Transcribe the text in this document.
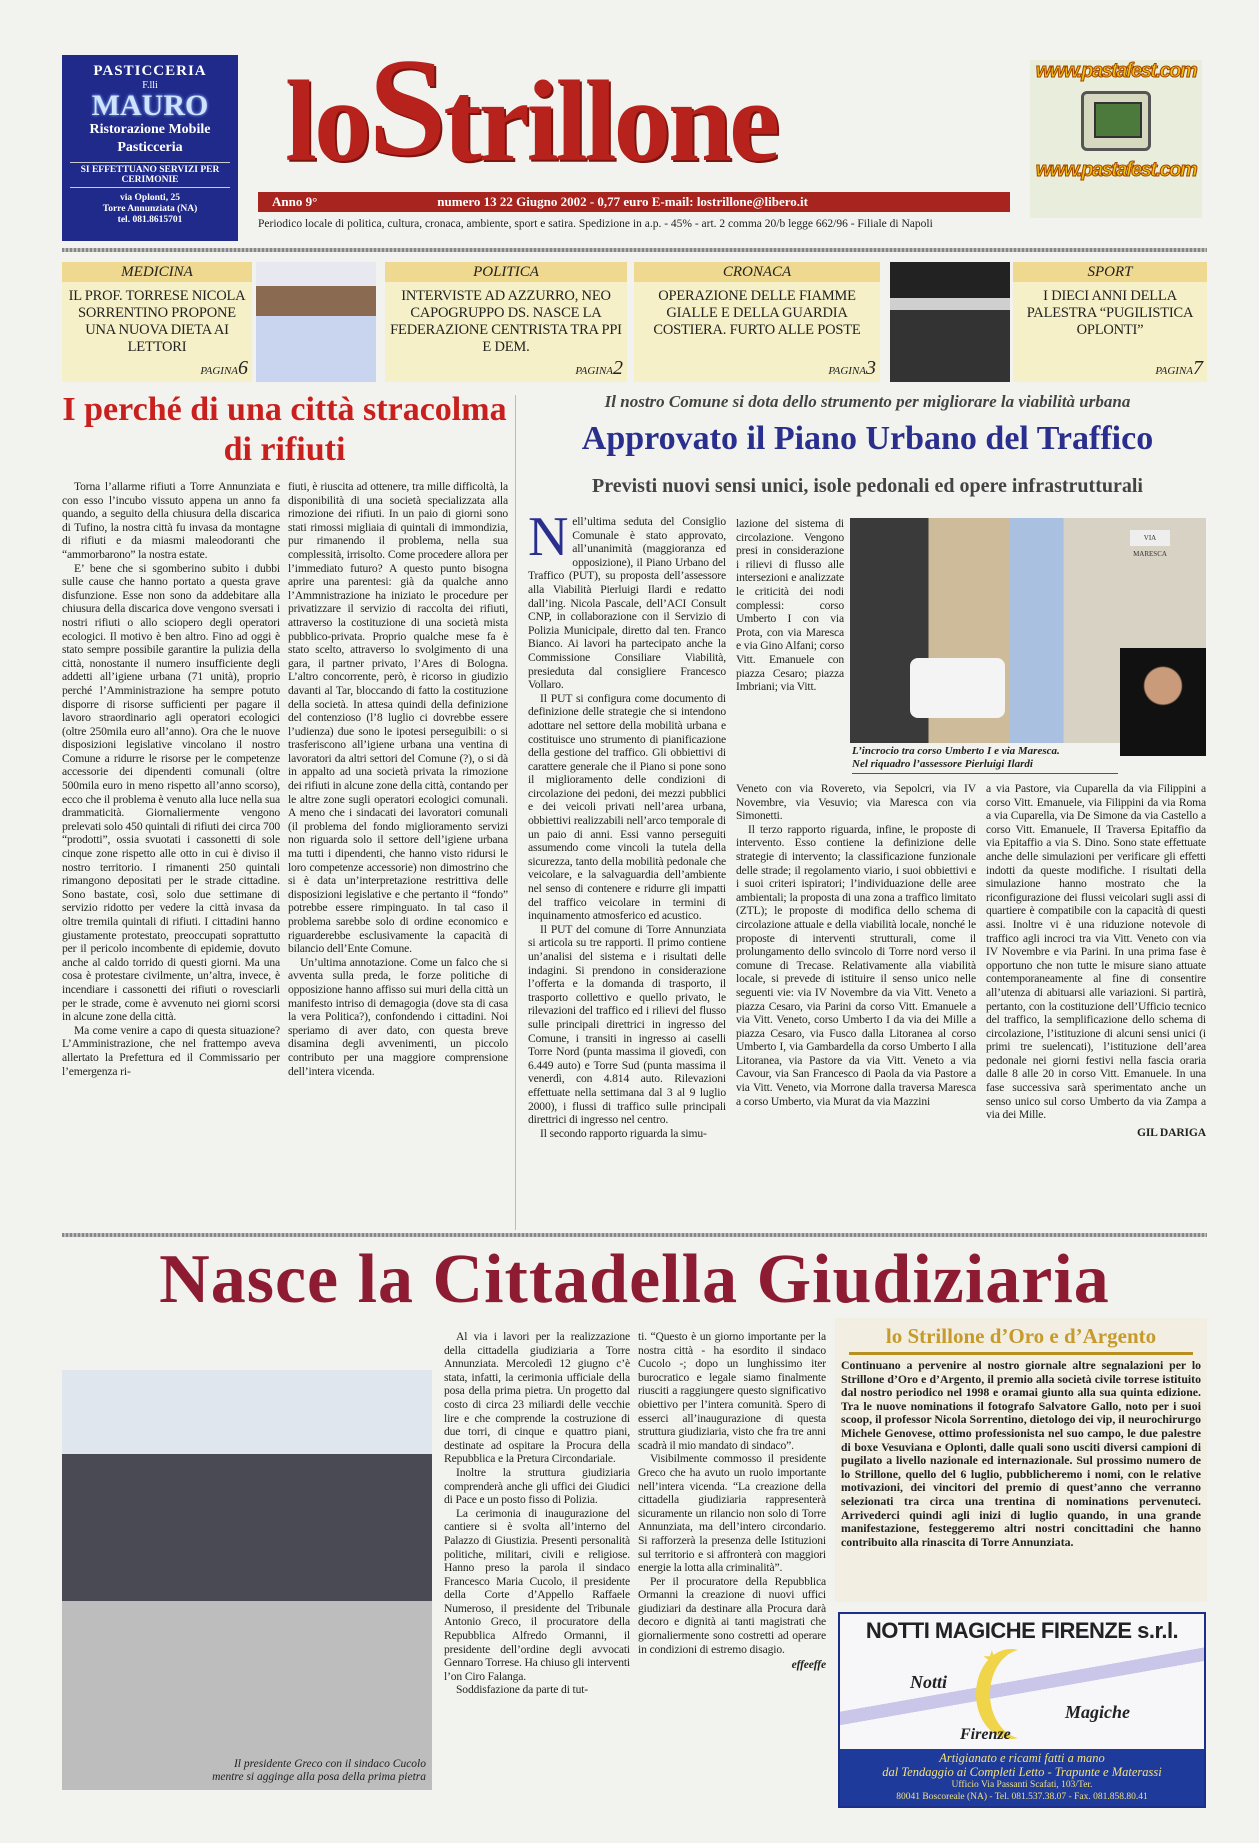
PASTICCERIA
F.lli
MAURO
Ristorazione Mobile
Pasticceria
SI EFFETTUANO SERVIZI PER CERIMONIE
via Oplonti, 25
Torre Annunziata (NA)
tel. 081.8615701
lo S trillone
Anno 9°	numero 13 22 Giugno 2002 - 0,77 euro E-mail: lostrillone@libero.it
Periodico locale di politica, cultura, cronaca, ambiente, sport e satira. Spedizione in a.p. - 45% - art. 2 comma 20/b legge 662/96 - Filiale di Napoli
www.pastafest.com
www.pastafest.com
MEDICINA
IL PROF. TORRESE NICOLA SORRENTINO PROPONE UNA NUOVA DIETA AI LETTORI
PAGINA6
POLITICA
INTERVISTE AD AZZURRO, NEO CAPOGRUPPO DS. NASCE LA FEDERAZIONE CENTRISTA TRA PPI E DEM.
PAGINA2
CRONACA
OPERAZIONE DELLE FIAMME GIALLE E DELLA GUARDIA COSTIERA. FURTO ALLE POSTE
PAGINA3
SPORT
I DIECI ANNI DELLA PALESTRA “PUGILISTICA OPLONTI”
PAGINA7
I perché di una città stracolma di rifiuti

Torna l’allarme rifiuti a Torre Annunziata e con esso l’incubo vissuto appena un anno fa quando, a seguito della chiusura della discarica di Tufino, la nostra città fu invasa da montagne di rifiuti e da miasmi maleodoranti che “ammorbarono” la nostra estate.

E’ bene che si sgomberino subito i dubbi sulle cause che hanno portato a questa grave disfunzione. Esse non sono da addebitare alla chiusura della discarica dove vengono sversati i nostri rifiuti o allo sciopero degli operatori ecologici. Il motivo è ben altro. Fino ad oggi è stato sempre possibile garantire la pulizia della città, nonostante il numero insufficiente degli addetti all’igiene urbana (71 unità), proprio perché l’Amministrazione ha sempre potuto disporre di risorse sufficienti per pagare il lavoro straordinario agli operatori ecologici (oltre 250mila euro all’anno). Ora che le nuove disposizioni legislative vincolano il nostro Comune a ridurre le risorse per le competenze accessorie dei dipendenti comunali (oltre 500mila euro in meno rispetto all’anno scorso), ecco che il problema è venuto alla luce nella sua drammaticità. Giornaliermente vengono prelevati solo 450 quintali di rifiuti dei circa 700 “prodotti”, ossia svuotati i cassonetti di sole cinque zone rispetto alle otto in cui è diviso il nostro territorio. I rimanenti 250 quintali rimangono depositati per le strade cittadine. Sono bastate, così, solo due settimane di servizio ridotto per vedere la città invasa da oltre tremila quintali di rifiuti. I cittadini hanno giustamente protestato, preoccupati soprattutto per il pericolo incombente di epidemie, dovuto anche al caldo torrido di questi giorni. Ma una cosa è protestare civilmente, un’altra, invece, è incendiare i cassonetti dei rifiuti o rovesciarli per le strade, come è avvenuto nei giorni scorsi in alcune zone della città.

Ma come venire a capo di questa situazione? L’Amministrazione, che nel frattempo aveva allertato la Prefettura ed il Commissario per l’emergenza ri-

fiuti, è riuscita ad ottenere, tra mille difficoltà, la disponibilità di una società specializzata alla rimozione dei rifiuti. In un paio di giorni sono stati rimossi migliaia di quintali di immondizia, pur rimanendo il problema, nella sua complessità, irrisolto. Come procedere allora per l’immediato futuro? A questo punto bisogna aprire una parentesi: già da qualche anno l’Ammnistrazione ha iniziato le procedure per privatizzare il servizio di raccolta dei rifiuti, attraverso la costituzione di una società mista pubblico-privata. Proprio qualche mese fa è stato scelto, attraverso lo svolgimento di una gara, il partner privato, l’Ares di Bologna. L’altro concorrente, però, è ricorso in giudizio davanti al Tar, bloccando di fatto la costituzione della società. In attesa quindi della definizione del contenzioso (l’8 luglio ci dovrebbe essere l’udienza) due sono le ipotesi perseguibili: o si trasferiscono all’igiene urbana una ventina di lavoratori da altri settori del Comune (?), o si dà in appalto ad una società privata la rimozione dei rifiuti in alcune zone della città, contando per le altre zone sugli operatori ecologici comunali. A meno che i sindacati dei lavoratori comunali (il problema del fondo miglioramento servizi non riguarda solo il settore dell’igiene urbana ma tutti i dipendenti, che hanno visto ridursi le loro competenze accessorie) non dimostrino che si è data un’interpretazione restrittiva delle disposizioni legislative e che pertanto il “fondo” potrebbe essere rimpinguato. In tal caso il problema sarebbe solo di ordine economico e riguarderebbe esclusivamente la capacità di bilancio dell’Ente Comune.

Un’ultima annotazione. Come un falco che si avventa sulla preda, le forze politiche di opposizione hanno affisso sui muri della città un manifesto intriso di demagogia (dove sta di casa la vera Politica?), confondendo i cittadini. Noi speriamo di aver dato, con questa breve disamina degli avvenimenti, un piccolo contributo per una maggiore comprensione dell’intera vicenda.

Il nostro Comune si dota dello strumento per migliorare la viabilità urbana
Approvato il Piano Urbano del Traffico
Previsti nuovi sensi unici, isole pedonali ed opere infrastrutturali

Nell’ultima seduta del Consiglio Comunale è stato approvato, all’unanimità (maggioranza ed opposizione), il Piano Urbano del Traffico (PUT), su proposta dell’assessore alla Viabilità Pierluigi Ilardi e redatto dall’ing. Nicola Pascale, dell’ACI Consult CNP, in collaborazione con il Servizio di Polizia Municipale, diretto dal ten. Franco Bianco. Ai lavori ha partecipato anche la Commissione Consiliare Viabilità, presieduta dal consigliere Francesco Vollaro.

Il PUT si configura come documento di definizione delle strategie che si intendono adottare nel settore della mobilità urbana e costituisce uno strumento di pianificazione della gestione del traffico. Gli obbiettivi di carattere generale che il Piano si pone sono il miglioramento delle condizioni di circolazione dei pedoni, dei mezzi pubblici e dei veicoli privati nell’area urbana, obbiettivi realizzabili nell’arco temporale di un paio di anni. Essi vanno perseguiti assumendo come vincoli la tutela della sicurezza, tanto della mobilità pedonale che veicolare, e la salvaguardia dell’ambiente nel senso di contenere e ridurre gli impatti del traffico veicolare in termini di inquinamento atmosferico ed acustico.

Il PUT del comune di Torre Annunziata si articola su tre rapporti. Il primo contiene un’analisi del sistema e i risultati delle indagini. Si prendono in considerazione l’offerta e la domanda di trasporto, il trasporto collettivo e quello privato, le rilevazioni del traffico ed i rilievi del flusso sulle principali direttrici in ingresso del Comune, i transiti in ingresso ai caselli Torre Nord (punta massima il giovedì, con 6.449 auto) e Torre Sud (punta massima il venerdì, con 4.814 auto. Rilevazioni effettuate nella settimana dal 3 al 9 luglio 2000), i flussi di traffico sulle principali direttrici di ingresso nel centro.

Il secondo rapporto riguarda la simu-

lazione del sistema di circolazione. Vengono presi in considerazione i rilievi di flusso alle intersezioni e analizzate le criticità dei nodi complessi: corso Umberto I con via Prota, con via Maresca e via Gino Alfani; corso Vitt. Emanuele con piazza Cesaro; piazza Imbriani; via Vitt.

VIA MARESCA
L’incrocio tra corso Umberto I e via Maresca.
Nel riquadro l’assessore Pierluigi Ilardi

Veneto con via Rovereto, via Sepolcri, via IV Novembre, via Vesuvio; via Maresca con via Simonetti.

Il terzo rapporto riguarda, infine, le proposte di intervento. Esso contiene la definizione delle strategie di intervento; la classificazione funzionale delle strade; il regolamento viario, i suoi obbiettivi e i suoi criteri ispiratori; l’individuazione delle aree ambientali; la proposta di una zona a traffico limitato (ZTL); le proposte di modifica dello schema di circolazione attuale e della viabilità locale, nonché le proposte di interventi strutturali, come il prolungamento dello svincolo di Torre nord verso il comune di Trecase. Relativamente alla viabilità locale, si prevede di istituire il senso unico nelle seguenti vie: via IV Novembre da via Vitt. Veneto a piazza Cesaro, via Parini da corso Vitt. Emanuele a via Vitt. Veneto, corso Umberto I da via dei Mille a piazza Cesaro, via Fusco dalla Litoranea al corso Umberto I, via Gambardella da corso Umberto I alla Litoranea, via Pastore da via Vitt. Veneto a via Cavour, via San Francesco di Paola da via Pastore a via Vitt. Veneto, via Morrone dalla traversa Maresca a corso Umberto, via Murat da via Mazzini

a via Pastore, via Cuparella da via Filippini a corso Vitt. Emanuele, via Filippini da via Roma a via Cuparella, via De Simone da via Castello a corso Vitt. Emanuele, II Traversa Epitaffio da via Epitaffio a via S. Dino. Sono state effettuate anche delle simulazioni per verificare gli effetti indotti da queste modifiche. I risultati della simulazione hanno mostrato che la riconfigurazione dei flussi veicolari sugli assi di quartiere è compatibile con la capacità di questi assi. Inoltre vi è una riduzione notevole di traffico agli incroci tra via Vitt. Veneto con via IV Novembre e via Parini. In una prima fase è opportuno che non tutte le misure siano attuate contemporaneamente al fine di consentire all’utenza di abituarsi alle variazioni. Si partirà, pertanto, con la costituzione dell’Ufficio tecnico del traffico, la semplificazione dello schema di circolazione, l’istituzione di alcuni sensi unici (i primi tre suelencati), l’istituzione dell’area pedonale nei giorni festivi nella fascia oraria dalle 8 alle 20 in corso Vitt. Emanuele. In una fase successiva sarà sperimentato anche un senso unico sul corso Umberto da via Zampa a via dei Mille.

GIL DARIGA
Nasce la Cittadella Giudiziaria
Il presidente Greco con il sindaco Cucolo
mentre si agginge alla posa della prima pietra

Al via i lavori per la realizzazione della cittadella giudiziaria a Torre Annunziata. Mercoledì 12 giugno c’è stata, infatti, la cerimonia ufficiale della posa della prima pietra. Un progetto dal costo di circa 23 miliardi delle vecchie lire e che comprende la costruzione di due torri, di cinque e quattro piani, destinate ad ospitare la Procura della Repubblica e la Pretura Circondariale.

Inoltre la struttura giudiziaria comprenderà anche gli uffici dei Giudici di Pace e un posto fisso di Polizia.

La cerimonia di inaugurazione del cantiere si è svolta all’interno del Palazzo di Giustizia. Presenti personalità politiche, militari, civili e religiose. Hanno preso la parola il sindaco Francesco Maria Cucolo, il presidente della Corte d’Appello Raffaele Numeroso, il presidente del Tribunale Antonio Greco, il procuratore della Repubblica Alfredo Ormanni, il presidente dell’ordine degli avvocati Gennaro Torrese. Ha chiuso gli interventi l’on Ciro Falanga.

Soddisfazione da parte di tut-

ti. “Questo è un giorno importante per la nostra città - ha esordito il sindaco Cucolo -; dopo un lunghissimo iter burocratico e legale siamo finalmente riusciti a raggiungere questo significativo obiettivo per l’intera comunità. Spero di esserci all’inaugurazione di questa struttura giudiziaria, visto che fra tre anni scadrà il mio mandato di sindaco”.

Visibilmente commosso il presidente Greco che ha avuto un ruolo importante nell’intera vicenda. “La creazione della cittadella giudiziaria rappresenterà sicuramente un rilancio non solo di Torre Annunziata, ma dell’intero circondario. Si rafforzerà la presenza delle Istituzioni sul territorio e si affronterà con maggiori energie la lotta alla criminalità”.

Per il procuratore della Repubblica Ormanni la creazione di nuovi uffici giudiziari da destinare alla Procura darà decoro e dignità ai tanti magistrati che giornaliermente sono costretti ad operare in condizioni di estremo disagio.

effeeffe
lo Strillone d’Oro e d’Argento
Continuano a pervenire al nostro giornale altre segnalazioni per lo Strillone d’Oro e d’Argento, il premio alla società civile torrese istituito dal nostro periodico nel 1998 e oramai giunto alla sua quinta edizione. Tra le nuove nominations il fotografo Salvatore Gallo, noto per i suoi scoop, il professor Nicola Sorrentino, dietologo dei vip, il neurochirurgo Michele Genovese, ottimo professionista nel suo campo, le due palestre di boxe Vesuviana e Oplonti, dalle quali sono usciti diversi campioni di pugilato a livello nazionale ed internazionale. Sul prossimo numero de lo Strillone, quello del 6 luglio, pubblicheremo i nomi, con le relative motivazioni, dei vincitori del premio di quest’anno che verranno selezionati tra circa una trentina di nominations pervenuteci. Arrivederci quindi agli inizi di luglio quando, in una grande manifestazione, festeggeremo altri nostri concittadini che hanno contribuito alla rinascita di Torre Annunziata.
NOTTI MAGICHE FIRENZE s.r.l.
★
Notti
Magiche
Firenze
Artigianato e ricami fatti a mano
dal Tendaggio ai Completi Letto - Trapunte e Materassi
Ufficio Via Passanti Scafati, 103/Ter.
80041 Boscoreale (NA) - Tel. 081.537.38.07 - Fax. 081.858.80.41
